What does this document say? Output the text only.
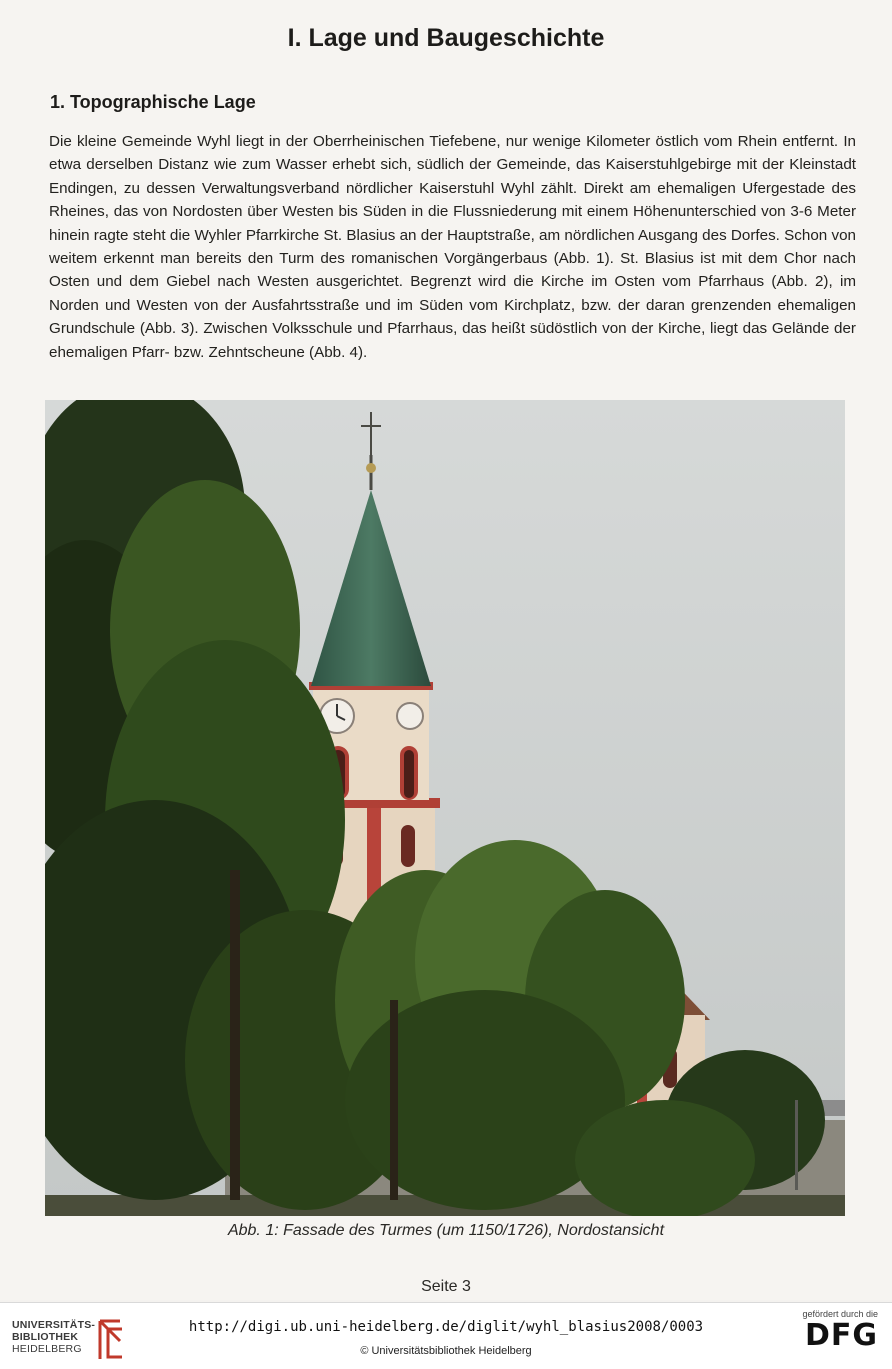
I. Lage und Baugeschichte
1. Topographische Lage

Die kleine Gemeinde Wyhl liegt in der Oberrheinischen Tiefebene, nur wenige Kilometer östlich vom Rhein entfernt. In etwa derselben Distanz wie zum Wasser erhebt sich, südlich der Gemeinde, das Kaiserstuhlgebirge mit der Kleinstadt Endingen, zu dessen Verwaltungsverband nördlicher Kaiserstuhl Wyhl zählt. Direkt am ehemaligen Ufergestade des Rheines, das von Nordosten über Westen bis Süden in die Flussniederung mit einem Höhenunterschied von 3-6 Meter hinein ragte steht die Wyhler Pfarrkirche St. Blasius an der Hauptstraße, am nördlichen Ausgang des Dorfes. Schon von weitem erkennt man bereits den Turm des romanischen Vorgängerbaus (Abb. 1). St. Blasius ist mit dem Chor nach Osten und dem Giebel nach Westen ausgerichtet. Begrenzt wird die Kirche im Osten vom Pfarrhaus (Abb. 2), im Norden und Westen von der Ausfahrtsstraße und im Süden vom Kirchplatz, bzw. der daran grenzenden ehemaligen Grundschule (Abb. 3). Zwischen Volksschule und Pfarrhaus, das heißt südöstlich von der Kirche, liegt das Gelände der ehemaligen Pfarr- bzw. Zehntscheune (Abb. 4).

Abb. 1: Fassade des Turmes (um 1150/1726), Nordostansicht
Seite 3
UNIVERSITÄTS-
BIBLIOTHEK
HEIDELBERG
http://digi.ub.uni-heidelberg.de/diglit/wyhl_blasius2008/0003
© Universitätsbibliothek Heidelberg
gefördert durch die
DFG
